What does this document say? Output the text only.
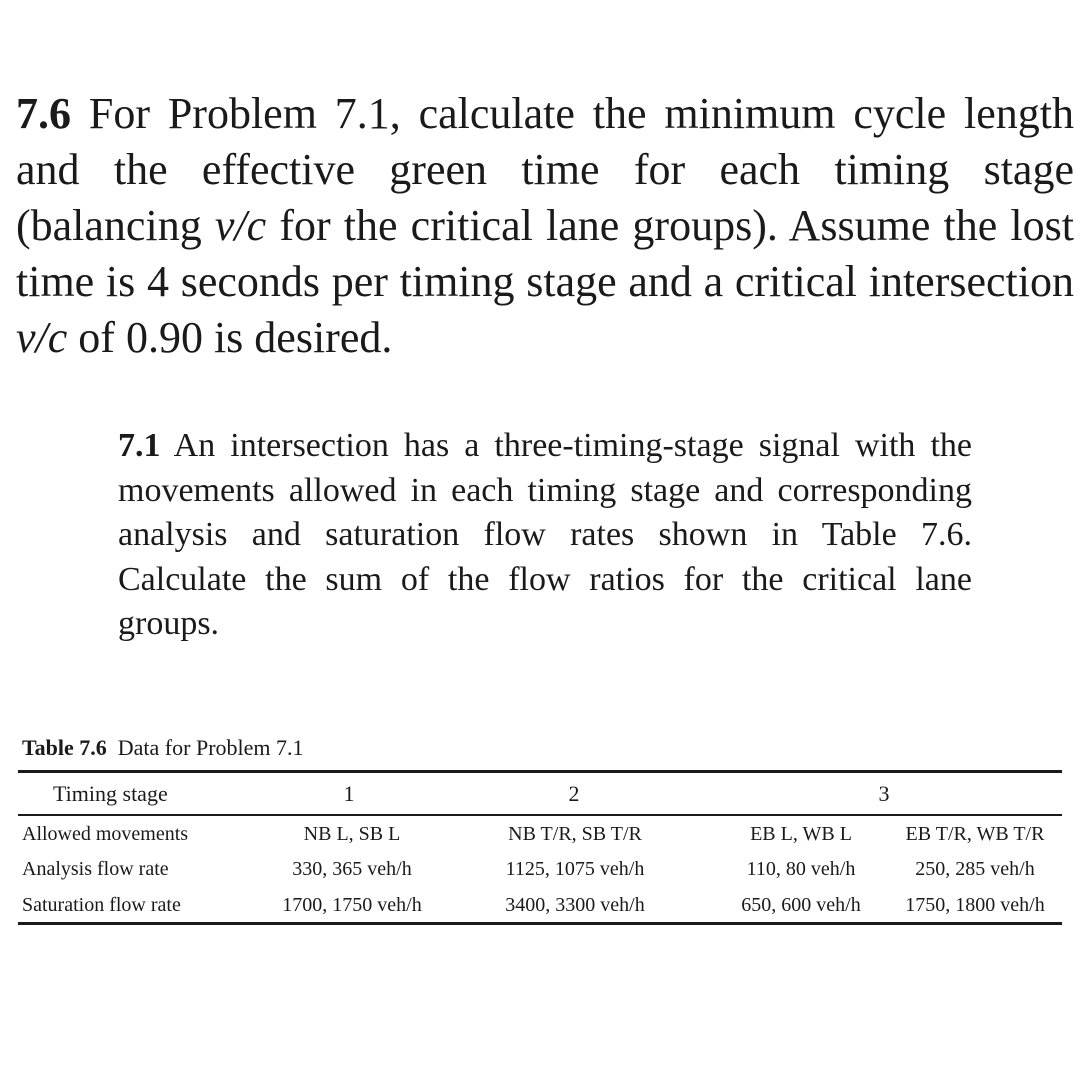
7.6 For Problem 7.1, calculate the minimum cycle length and the effective green time for each timing stage (balancing v/c for the critical lane groups). Assume the lost time is 4 seconds per timing stage and a critical intersection v/c of 0.90 is desired.

7.1 An intersection has a three-timing-stage signal with the movements allowed in each timing stage and corresponding analysis and saturation flow rates shown in Table 7.6. Calculate the sum of the flow ratios for the critical lane groups.

Table 7.6  Data for Problem 7.1
Timing stage	1	2	3
Allowed movements	NB L, SB L	NB T/R, SB T/R	EB L, WB L	EB T/R, WB T/R
Analysis flow rate	330, 365 veh/h	1125, 1075 veh/h	110, 80 veh/h	250, 285 veh/h
Saturation flow rate	1700, 1750 veh/h	3400, 3300 veh/h	650, 600 veh/h 1750, 1800 veh/h
